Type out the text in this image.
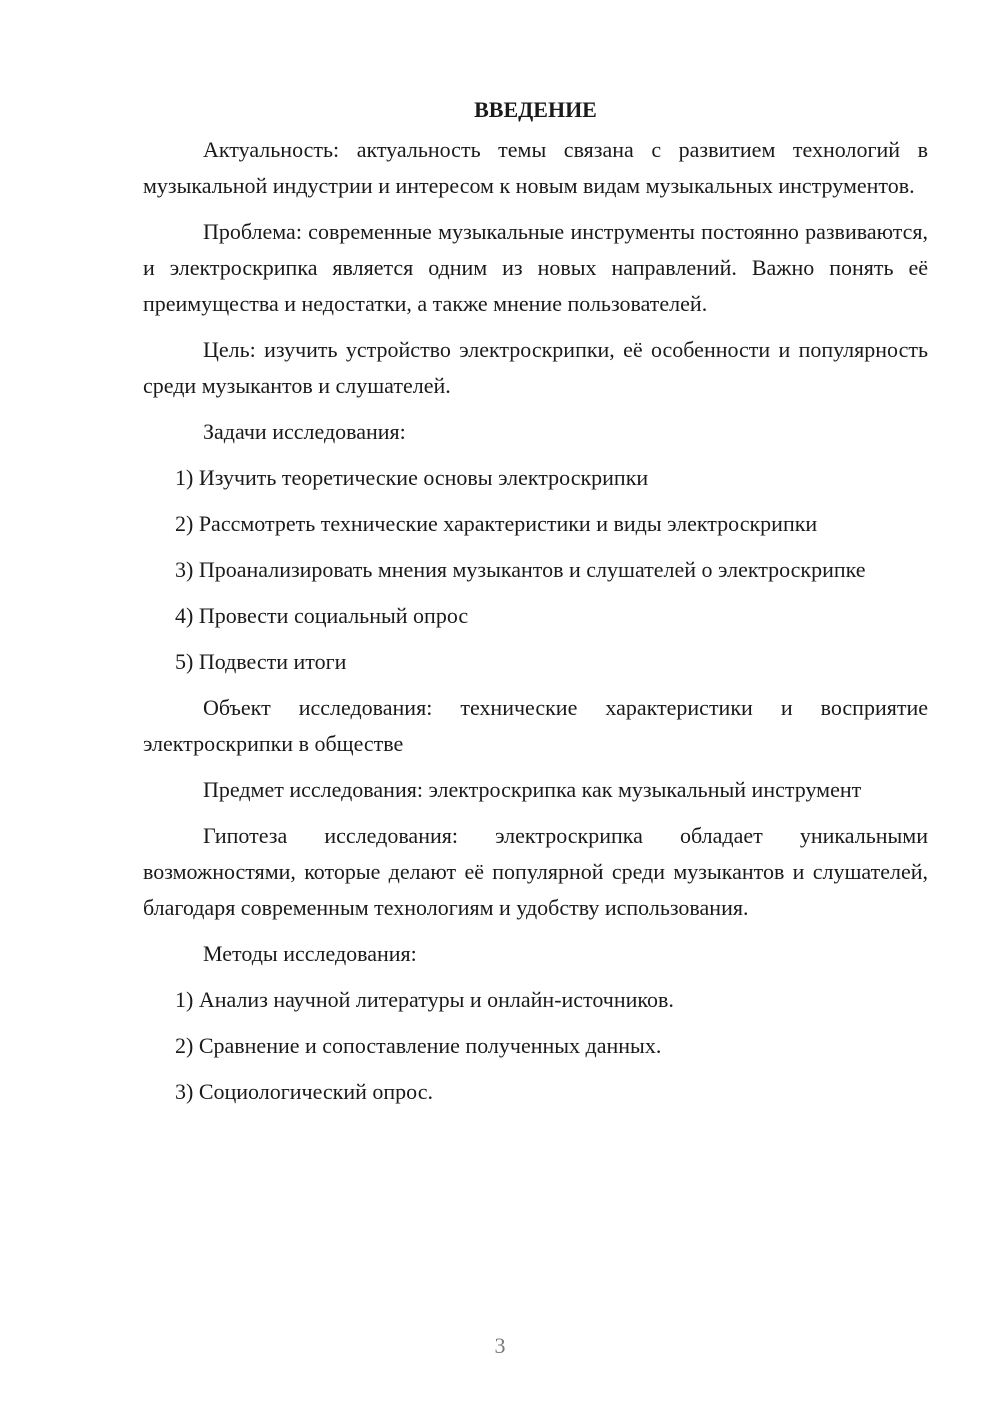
ВВЕДЕНИЕ

Актуальность: актуальность темы связана с развитием технологий в музыкальной индустрии и интересом к новым видам музыкальных инструментов.

Проблема: современные музыкальные инструменты постоянно развиваются, и электроскрипка является одним из новых направлений. Важно понять её преимущества и недостатки, а также мнение пользователей.

Цель: изучить устройство электроскрипки, её особенности и популярность среди музыкантов и слушателей.

Задачи исследования:

1) Изучить теоретические основы электроскрипки

2) Рассмотреть технические характеристики и виды электроскрипки

3) Проанализировать мнения музыкантов и слушателей о электроскрипке

4) Провести социальный опрос

5) Подвести итоги

Объект исследования: технические характеристики и восприятие электроскрипки в обществе

Предмет исследования: электроскрипка как музыкальный инструмент

Гипотеза исследования: электроскрипка обладает уникальными возможностями, которые делают её популярной среди музыкантов и слушателей, благодаря современным технологиям и удобству использования.

Методы исследования:

1) Анализ научной литературы и онлайн-источников.

2) Сравнение и сопоставление полученных данных.

3) Социологический опрос.

3
